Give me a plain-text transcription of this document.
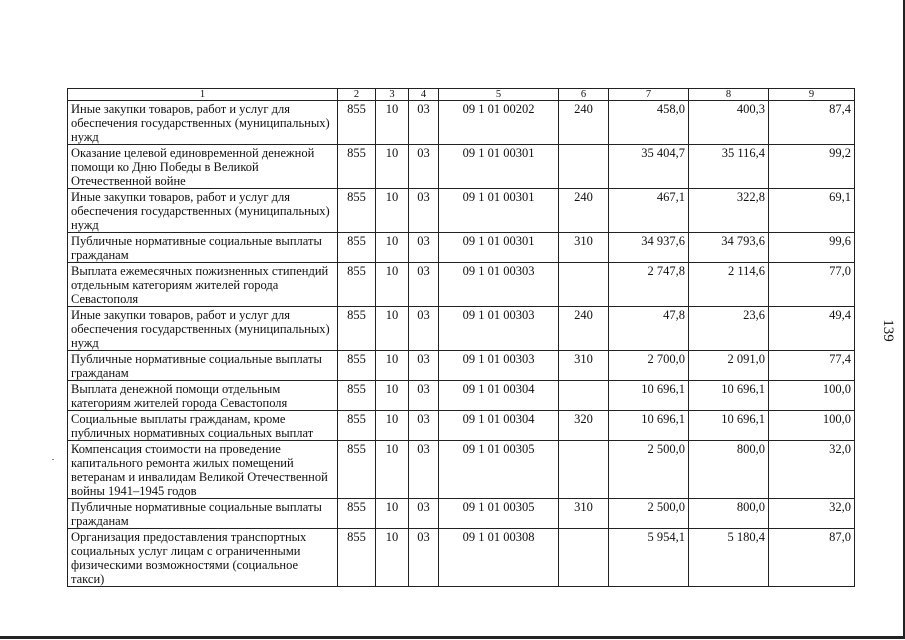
1	2	3	4	5	6	7	8	9
Иные закупки товаров, работ и услуг для обеспечения государственных (муниципальных) нужд	855	10	03	09 1 01 00202	240	458,0	400,3	87,4
Оказание целевой единовременной денежной помощи ко Дню Победы в Великой Отечественной войне	855	10	03	09 1 01 00301		35 404,7	35 116,4	99,2
Иные закупки товаров, работ и услуг для обеспечения государственных (муниципальных) нужд	855	10	03	09 1 01 00301	240	467,1	322,8	69,1
Публичные нормативные социальные выплаты гражданам	855	10	03	09 1 01 00301	310	34 937,6	34 793,6	99,6
Выплата ежемесячных пожизненных стипендий отдельным категориям жителей города Севастополя	855	10	03	09 1 01 00303		2 747,8	2 114,6	77,0
Иные закупки товаров, работ и услуг для обеспечения государственных (муниципальных) нужд	855	10	03	09 1 01 00303	240	47,8	23,6	49,4
Публичные нормативные социальные выплаты гражданам	855	10	03	09 1 01 00303	310	2 700,0	2 091,0	77,4
Выплата денежной помощи отдельным категориям жителей города Севастополя	855	10	03	09 1 01 00304		10 696,1	10 696,1	100,0
Социальные выплаты гражданам, кроме публичных нормативных социальных выплат	855	10	03	09 1 01 00304	320	10 696,1	10 696,1	100,0
Компенсация стоимости на проведение капитального ремонта жилых помещений ветеранам и инвалидам Великой Отечественной войны 1941–1945 годов	855	10	03	09 1 01 00305		2 500,0	800,0	32,0
Публичные нормативные социальные выплаты гражданам	855	10	03	09 1 01 00305	310	2 500,0	800,0	32,0
Организация предоставления транспортных социальных услуг лицам с ограниченными физическими возможностями (социальное такси)	855	10	03	09 1 01 00308		5 954,1	5 180,4	87,0
139
